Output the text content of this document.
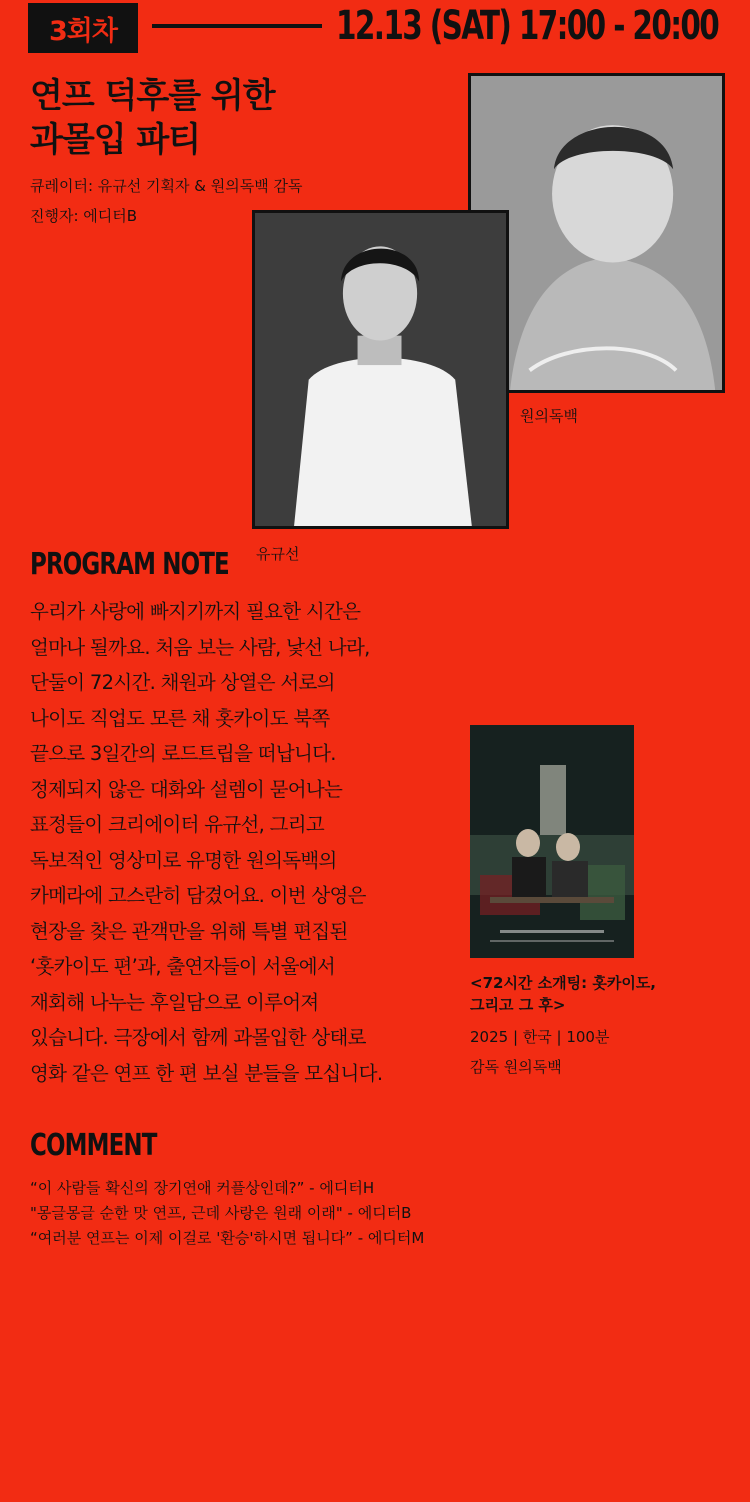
3회차	12.13 (SAT) 17:00 - 20:00
연프 덕후를 위한
과몰입 파티
큐레이터: 유규선 기획자 & 원의독백 감독
진행자: 에디터B
원의독백
유규선
PROGRAM NOTE
우리가 사랑에 빠지기까지 필요한 시간은
얼마나 될까요. 처음 보는 사람, 낯선 나라,
단둘이 72시간. 채원과 상열은 서로의
나이도 직업도 모른 채 홋카이도 북쪽
끝으로 3일간의 로드트립을 떠납니다.
정제되지 않은 대화와 설렘이 묻어나는
표정들이 크리에이터 유규선, 그리고
독보적인 영상미로 유명한 원의독백의
카메라에 고스란히 담겼어요. 이번 상영은
현장을 찾은 관객만을 위해 특별 편집된
‘홋카이도 편’과, 출연자들이 서울에서
재회해 나누는 후일담으로 이루어져
있습니다. 극장에서 함께 과몰입한 상태로
영화 같은 연프 한 편 보실 분들을 모십니다.
<72시간 소개팅: 홋카이도,
그리고 그 후>
2025 | 한국 | 100분
감독 원의독백
COMMENT
“이 사람들 확신의 장기연애 커플상인데?” - 에디터H
"몽글몽글 순한 맛 연프, 근데 사랑은 원래 이래" - 에디터B
“여러분 연프는 이제 이걸로 '환승'하시면 됩니다” - 에디터M
